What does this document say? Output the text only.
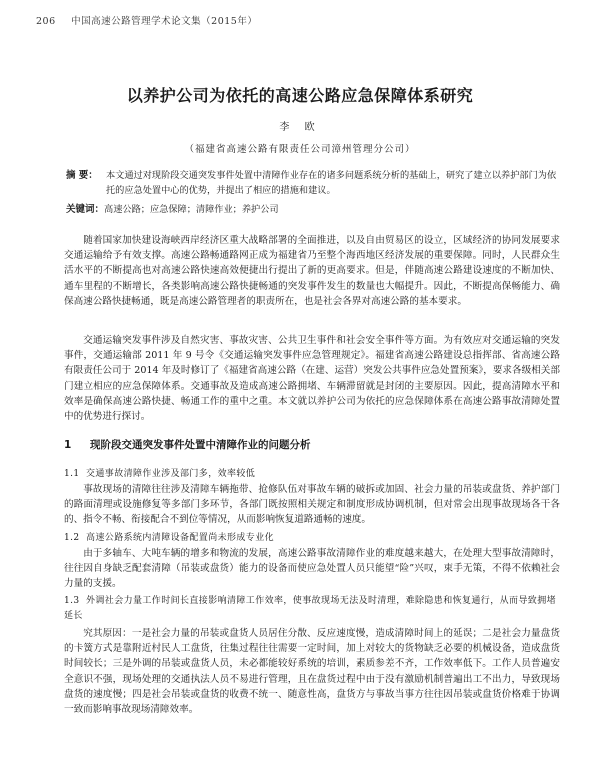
206 中国高速公路管理学术论文集（2015年）
以养护公司为依托的高速公路应急保障体系研究
李 欧
（福建省高速公路有限责任公司漳州管理分公司）
摘 要： 本文通过对现阶段交通突发事件处置中清障作业存在的诸多问题系统分析的基础上，研究了建立以养护部门为依托的应急处置中心的优势，并提出了相应的措施和建议。
关键词：高速公路；应急保障；清障作业；养护公司

随着国家加快建设海峡西岸经济区重大战略部署的全面推进，以及自由贸易区的设立，区域经济的协同发展要求交通运输给予有效支撑。高速公路畅通路网正成为福建省乃至整个海西地区经济发展的重要保障。同时，人民群众生活水平的不断提高也对高速公路快速高效便捷出行提出了新的更高要求。但是，伴随高速公路建设速度的不断加快、通车里程的不断增长，各类影响高速公路快捷畅通的突发事件发生的数量也大幅提升。因此，不断提高保畅能力、确保高速公路快捷畅通，既是高速公路管理者的职责所在，也是社会各界对高速公路的基本要求。

交通运输突发事件涉及自然灾害、事故灾害、公共卫生事件和社会安全事件等方面。为有效应对交通运输的突发事件，交通运输部 2011 年 9 号令《交通运输突发事件应急管理规定》。福建省高速公路建设总指挥部、省高速公路有限责任公司于 2014 年及时修订了《福建省高速公路（在建、运营）突发公共事件应急处置预案》，要求各级相关部门建立相应的应急保障体系。交通事故及造成高速公路拥堵、车辆滞留就是封闭的主要原因。因此，提高清障水平和效率是确保高速公路快捷、畅通工作的重中之重。本文就以养护公司为依托的应急保障体系在高速公路事故清障处置中的优势进行探讨。

1 现阶段交通突发事件处置中清障作业的问题分析
1.1 交通事故清障作业涉及部门多，效率较低

事故现场的清障往往涉及清障车辆拖带、抢修队伍对事故车辆的破拆或加固、社会力量的吊装或盘货、养护部门的路面清理或设施修复等多部门多环节，各部门既按照相关规定和制度形成协调机制，但对常会出现事故现场各干各的、指令不畅、衔接配合不到位等情况，从而影响恢复道路通畅的速度。

1.2 高速公路系统内清障设备配置尚未形成专业化

由于多轴车、大吨车辆的增多和物流的发展，高速公路事故清障作业的难度越来越大，在处理大型事故清障时，往往因自身缺乏配套清障（吊装或盘货）能力的设备而使应急处置人员只能望“险”兴叹，束手无策，不得不依赖社会力量的支援。

1.3 外调社会力量工作时间长直接影响清障工作效率，使事故现场无法及时清理，难除隐患和恢复通行，从而导致拥堵延长

究其原因：一是社会力量的吊装或盘货人员居住分散、反应速度慢，造成清障时间上的延误；二是社会力量盘货的卡簧方式是靠附近村民人工盘货，往集过程往往需要一定时间，加上对较大的货物缺乏必要的机械设备，造成盘货时间较长；三是外调的吊装或盘货人员，未必都能较好系统的培训，素质参差不齐，工作效率低下。工作人员普遍安全意识不强，现场处理的交通执法人员不易进行管理，且在盘货过程中由于没有激励机制普遍出工不出力，导致现场盘货的速度慢；四是社会吊装或盘货的收费不统一、随意性高，盘货方与事故当事方往往因吊装或盘货价格难于协调一致而影响事故现场清障效率。
